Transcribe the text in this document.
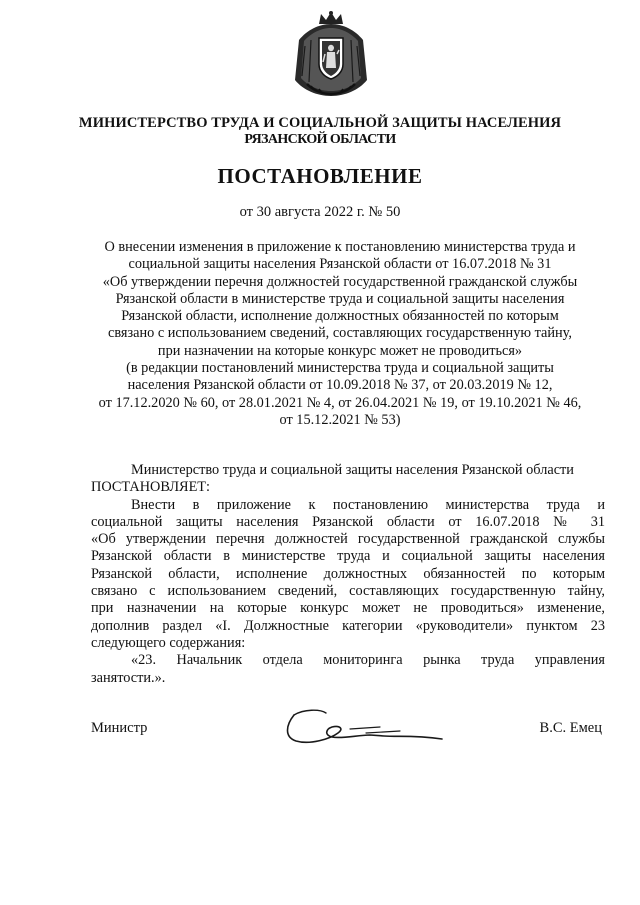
МИНИСТЕРСТВО ТРУДА И СОЦИАЛЬНОЙ ЗАЩИТЫ НАСЕЛЕНИЯ
РЯЗАНСКОЙ ОБЛАСТИ
ПОСТАНОВЛЕНИЕ
от 30 августа 2022 г. № 50
О внесении изменения в приложение к постановлению министерства труда и
социальной защиты населения Рязанской области от 16.07.2018 № 31
«Об утверждении перечня должностей государственной гражданской службы
Рязанской области в министерстве труда и социальной защиты населения
Рязанской области, исполнение должностных обязанностей по которым
связано с использованием сведений, составляющих государственную тайну,
при назначении на которые конкурс может не проводиться»
(в редакции постановлений министерства труда и социальной защиты
населения Рязанской области от 10.09.2018 № 37, от 20.03.2019 № 12,
от 17.12.2020 № 60, от 28.01.2021 № 4, от 26.04.2021 № 19, от 19.10.2021 № 46,
от 15.12.2021 № 53)
Министерство труда и социальной защиты населения Рязанской области
ПОСТАНОВЛЯЕТ:
Внести в приложение к постановлению министерства труда и
социальной защиты населения Рязанской области от 16.07.2018 № 31
«Об утверждении перечня должностей государственной гражданской службы
Рязанской области в министерстве труда и социальной защиты населения
Рязанской области, исполнение должностных обязанностей по которым
связано с использованием сведений, составляющих государственную тайну,
при назначении на которые конкурс может не проводиться» изменение,
дополнив раздел «I. Должностные категории «руководители» пунктом 23
следующего содержания:
«23. Начальник отдела мониторинга рынка труда управления
занятости.».
Министр	В.С. Емец
